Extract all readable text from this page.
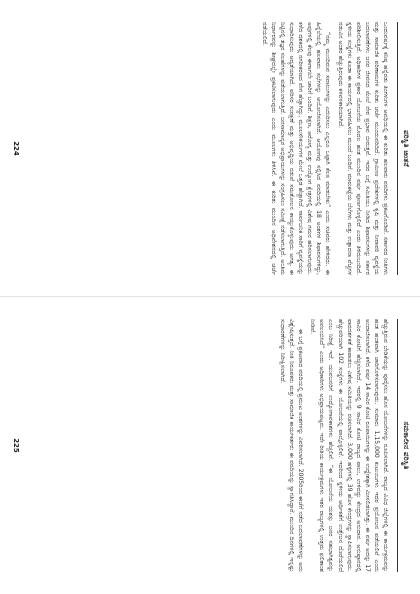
ಪರಿಸ್ಥಿತಿ ಚಿಂತನೆ

ಒಂದುವರ್ಷಕ್ಕೆ ಕನಿಷ್ಠ ಹನ್ನೆರಡು ತಿಂಗಳುಗಳ ಅವಧಿಯಲ್ಲಿ ಈ ಕುರಿತು ಹಲವಾರು ವರದಿಗಳು ಪ್ರಕಟಗೊಂಡಿವೆ. ಸರ್ಕಾರದ ನೀತಿಗಳು ಮತ್ತು ಸಾಮಾಜಿಕ ಪರಿಣಾಮಗಳ ಕುರಿತು ಚರ್ಚೆ ಮುಂದುವರಿದಿದೆ. ಗ್ರಾಮೀಣ ಪ್ರದೇಶಗಳಲ್ಲಿ ಕೃಷಿ ಮತ್ತು ನೀರಾವರಿ ವ್ಯವಸ್ಥೆಯ ಬದಲಾವಣೆಗಳು ಜನರ ಜೀವನದ ಮೇಲೆ ನೇರ ಪ್ರಭಾವ ಬೀರುತ್ತವೆ. ಇದರ ಬಗ್ಗೆ ಸಮಿತಿಯು ನೀಡಿದ ಶಿಫಾರಸುಗಳನ್ನು ಸರ್ಕಾರ ಪರಿಶೀಲಿಸುತ್ತಿದೆ. ಅಧಿಕಾರಿಗಳ ಪ್ರಕಾರ ಯೋಜನೆಯ ಮೊದಲ ಹಂತ ಮುಂದಿನ ವರ್ಷ ಪೂರ್ಣಗೊಳ್ಳಲಿದೆ ಎಂದು ತಿಳಿದುಬಂದಿದೆ. ಸ್ಥಳೀಯ ಸಂಸ್ಥೆಗಳು ಕೂಡಾ ಈ ಕಾರ್ಯದಲ್ಲಿ ಭಾಗವಹಿಸಲು ಮುಂದೆ ಬಂದಿವೆ. ಮಾರುಕಟ್ಟೆಯ ಬೆಲೆಗಳು ಮತ್ತು ಉತ್ಪಾದನಾ ವೆಚ್ಚಗಳ ನಡುವಿನ ಅಂತರ ಹೆಚ್ಚುತ್ತಿರುವುದು ಕಳವಳಕಾರಿಯಾಗಿದೆ.

“ನಮ್ಮ ಮುಂದಿರುವ ಸವಾಲುಗಳನ್ನು ಎದುರಿಸಲು ಎಲ್ಲರೂ ಒಟ್ಟಾಗಿ ಕೆಲಸ ಮಾಡಬೇಕು” ಎಂದು ಸಚಿವರು ಹೇಳಿದರು. ಈ ಹಿನ್ನೆಲೆಯಲ್ಲಿ ಹಲವಾರು ಸಭೆಗಳನ್ನು ಆಯೋಜಿಸಲಾಗಿದೆ. ಆಯೋಗವು ಸಲ್ಲಿಸಿದ ವರದಿಯಲ್ಲಿ 18 ಅಂಶಗಳ ಶಿಫಾರಸುಗಳಿದ್ದು, ಅವುಗಳಲ್ಲಿ ಕೆಲವು ಈಗಾಗಲೇ ಜಾರಿಗೆ ಬಂದಿವೆ. ಶಿಕ್ಷಣ, ಆರೋಗ್ಯ ಮತ್ತು ಉದ್ಯೋಗ ಕ್ಷೇತ್ರಗಳಲ್ಲಿ ವಿಶೇಷ ಗಮನ ಹರಿಸಲಾಗುವುದು. ಕಳೆದ ದಶಕದಲ್ಲಿ ನಗರೀಕರಣದ ವೇಗ ಹೆಚ್ಚಾಗಿದ್ದು, ಮೂಲಸೌಕರ್ಯಗಳ ಮೇಲೆ ಒತ್ತಡ ಹೆಚ್ಚಾಗಿದೆ. ಸಾರ್ವಜನಿಕ ಸಾರಿಗೆ ವ್ಯವಸ್ಥೆಯನ್ನು ಸುಧಾರಿಸುವುದು ಆದ್ಯತೆಯಾಗಿದೆ. ಪರಿಸರ ಸಂರಕ್ಷಣೆ ಮತ್ತು ಅಭಿವೃದ್ಧಿಯ ನಡುವೆ ಸಮತೋಲನ ಕಾಯ್ದುಕೊಳ್ಳುವುದು ಅಗತ್ಯ. ಈ ನಿಟ್ಟಿನಲ್ಲಿ ತಜ್ಞರ ಸಲಹೆಗಳನ್ನು ಪಡೆಯಲಾಗುತ್ತಿದೆ. ಜನಸಾಮಾನ್ಯರ ಅಭಿಪ್ರಾಯಗಳನ್ನು ಸಂಗ್ರಹಿಸಲು ಸಮೀಕ್ಷೆ ನಡೆಸಲಾಗುತ್ತಿದೆ. ಅಂತಿಮ ನಿರ್ಧಾರವನ್ನು ಶೀಘ್ರದಲ್ಲೇ ಪ್ರಕಟಿಸಲಾಗುವುದು ಎಂದು ಮೂಲಗಳು ತಿಳಿಸಿವೆ. ಈ ಕುರಿತು ಮುಂದಿನ ಅಧಿವೇಶನದಲ್ಲಿ ಚರ್ಚೆ ನಡೆಯಲಿದೆ.

224
ಸಮಕಾಲೀನ ಪರಿಸ್ಥಿತಿ

ಹೆಚ್ಚುತ್ತಿರುವ ಬೇಡಿಕೆಯನ್ನು ಪೂರೈಸಲು ಹೊಸ ಯೋಜನೆಗಳನ್ನು ರೂಪಿಸಲಾಗಿದೆ. ರಾಜ್ಯದ ವಿವಿಧ ಜಿಲ್ಲೆಗಳಲ್ಲಿ ಈ ಕಾರ್ಯಕ್ರಮವನ್ನು ಹಂತ ಹಂತವಾಗಿ ಜಾರಿಗೊಳಿಸಲಾಗುವುದು. ಸುಮಾರು 1,15,000 ಕುಟುಂಬಗಳು ಇದರ ಪ್ರಯೋಜನ ಪಡೆಯಲಿವೆ ಎಂದು ಅಂದಾಜಿಸಲಾಗಿದೆ. ಕಳೆದ ವರ್ಷ 14 ಸಾವಿರ ಕೋಟಿ ರೂಪಾಯಿಗಳನ್ನು ಈ ಉದ್ದೇಶಕ್ಕಾಗಿ ಮೀಸಲಿಡಲಾಗಿತ್ತು. ಈ ವರ್ಷ ಅದನ್ನು 17 ಸಾವಿರ ಕೋಟಿಗೆ ಹೆಚ್ಚಿಸಲಾಗಿದೆ. ಇದರಲ್ಲಿ 9 ಸಾವಿರ ಕೋಟಿ ರಾಜ್ಯದ ಪಾಲು, ಉಳಿದದ್ದು ಕೇಂದ್ರದ ಅನುದಾನ. ಅನುಷ್ಠಾನದಲ್ಲಿ ಪಾರದರ್ಶಕತೆ ಕಾಪಾಡಲು ವಿಶೇಷ ಸಮಿತಿಯನ್ನು ರಚಿಸಲಾಗಿದೆ. 3,000 ಹಳ್ಳಿಗಳಲ್ಲಿ 39 ಹೊಸ ಕೇಂದ್ರಗಳನ್ನು ಸ್ಥಾಪಿಸಲಾಗುವುದು. ಹೆಚ್ಚುವರಿಯಾಗಿ 102 ಸಂಸ್ಥೆಗಳು ಈ ಯೋಜನೆಯಲ್ಲಿ ಪಾಲ್ಗೊಳ್ಳಲಿವೆ. ಇದರಿಂದ ಸ್ಥಳೀಯ ಆರ್ಥಿಕತೆಗೆ ಉತ್ತೇಜನ ದೊರೆಯಲಿದೆ ಎಂಬ ನಿರೀಕ್ಷೆ ಇದೆ. ಯುವಜನರಿಗೆ ಉದ್ಯೋಗಾವಕಾಶಗಳು ಹೆಚ್ಚಲಿವೆ. “ಈ ಯೋಜನೆಯ ಯಶಸ್ಸು ಜನರ ಸಹಭಾಗಿತ್ವವನ್ನು ಅವಲಂಬಿಸಿದೆ” ಎಂದು ಅಧಿಕಾರಿಗಳು ಅಭಿಪ್ರಾಯಪಟ್ಟರು. ಇದೇ ರೀತಿಯ ಕಾರ್ಯಕ್ರಮಗಳು ಇತರ ರಾಜ್ಯಗಳಲ್ಲಿ ಉತ್ತಮ ಫಲಿತಾಂಶ ನೀಡಿವೆ.

ಈ ಬಗ್ಗೆ ಪ್ರಕಟವಾದ ವರದಿಯಲ್ಲಿ ಪ್ರಮುಖ ಅಂಶಗಳನ್ನು ವಿವರಿಸಲಾಗಿದೆ. 2005ರಿಂದ ಈಚೆಗೆ ನಡೆದ ಬದಲಾವಣೆಗಳನ್ನು ಅದು ವಿಶ್ಲೇಷಿಸುತ್ತದೆ. ನೀತಿ ನಿರೂಪಕರು ಮತ್ತು ಸಾಮಾಜಿಕ ಕಾರ್ಯಕರ್ತರು ಈ ವರದಿಯನ್ನು ಸ್ವಾಗತಿಸಿದ್ದಾರೆ. ಮುಂದಿನ ದಿನಗಳಲ್ಲಿ ಇನ್ನಷ್ಟು ಸುಧಾರಣೆಗಳನ್ನು ನಿರೀಕ್ಷಿಸಲಾಗಿದೆ.

225
